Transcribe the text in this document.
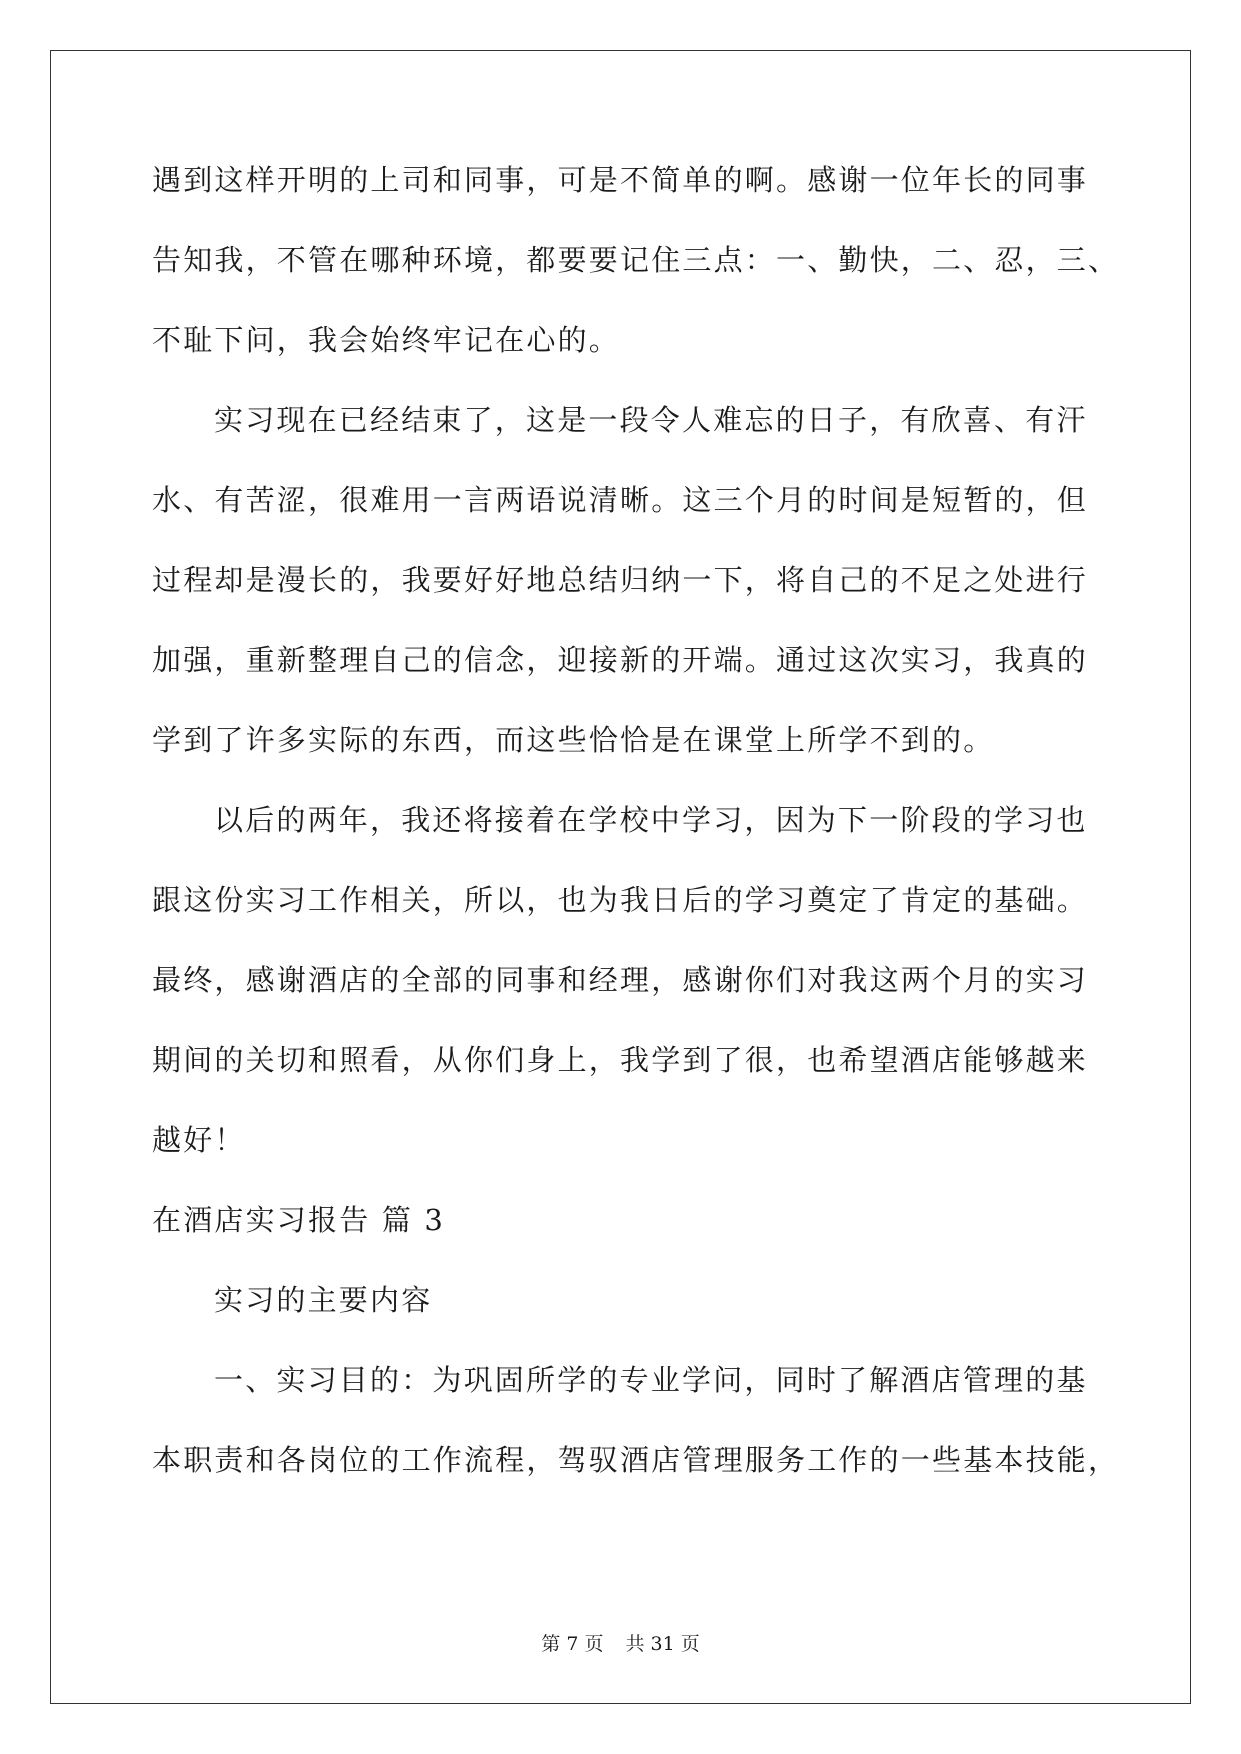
遇到这样开明的上司和同事，可是不简单的啊。感谢一位年长的同事
告知我，不管在哪种环境，都要要记住三点：一、勤快，二、忍，三、
不耻下问，我会始终牢记在心的。
实习现在已经结束了，这是一段令人难忘的日子，有欣喜、有汗
水、有苦涩，很难用一言两语说清晰。这三个月的时间是短暂的，但
过程却是漫长的，我要好好地总结归纳一下，将自己的不足之处进行
加强，重新整理自己的信念，迎接新的开端。通过这次实习，我真的
学到了许多实际的东西，而这些恰恰是在课堂上所学不到的。
以后的两年，我还将接着在学校中学习，因为下一阶段的学习也
跟这份实习工作相关，所以，也为我日后的学习奠定了肯定的基础。
最终，感谢酒店的全部的同事和经理，感谢你们对我这两个月的实习
期间的关切和照看，从你们身上，我学到了很，也希望酒店能够越来
越好！
在酒店实习报告 篇 3
实习的主要内容
一、实习目的：为巩固所学的专业学问，同时了解酒店管理的基
本职责和各岗位的工作流程，驾驭酒店管理服务工作的一些基本技能，
第 7 页 共 31 页
